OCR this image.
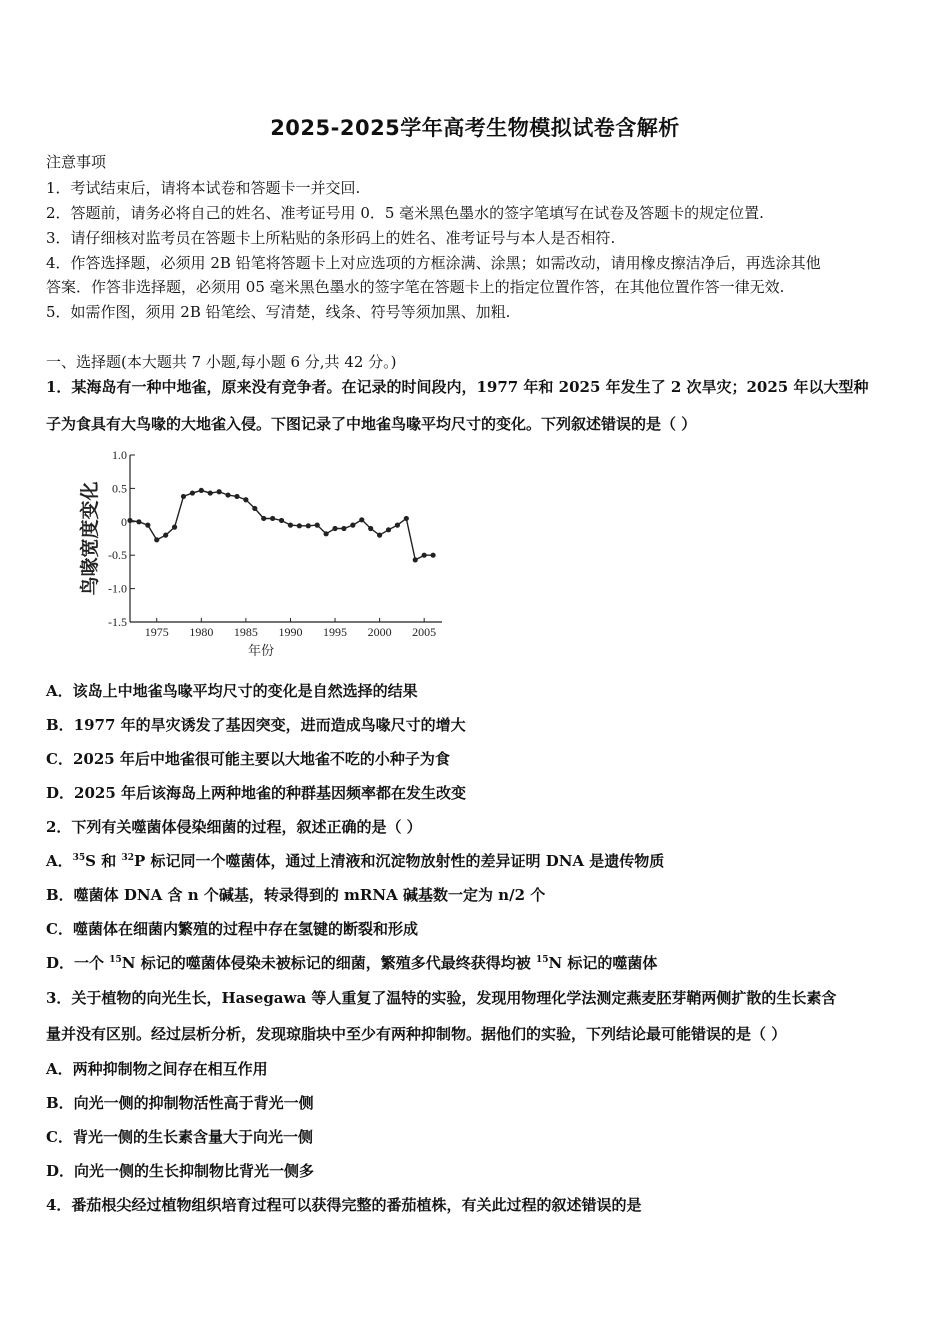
2025-2025学年高考生物模拟试卷含解析
注意事项
1．考试结束后，请将本试卷和答题卡一并交回.
2．答题前，请务必将自己的姓名、准考证号用 0．5 毫米黑色墨水的签字笔填写在试卷及答题卡的规定位置.
3．请仔细核对监考员在答题卡上所粘贴的条形码上的姓名、准考证号与本人是否相符.
4．作答选择题，必须用 2B 铅笔将答题卡上对应选项的方框涂满、涂黑；如需改动，请用橡皮擦洁净后，再选涂其他
答案．作答非选择题，必须用 05 毫米黑色墨水的签字笔在答题卡上的指定位置作答，在其他位置作答一律无效.
5．如需作图，须用 2B 铅笔绘、写清楚，线条、符号等须加黑、加粗.
一、选择题(本大题共 7 小题,每小题 6 分,共 42 分。)
1．某海岛有一种中地雀，原来没有竞争者。在记录的时间段内，1977 年和 2025 年发生了 2 次旱灾；2025 年以大型种
子为食具有大鸟喙的大地雀入侵。下图记录了中地雀鸟喙平均尺寸的变化。下列叙述错误的是（ ）
1.0
0.5
0
-0.5
-1.0
-1.5
1975 1980 1985 1990 1995 2000 2005
鸟喙宽度变化
年份
A．该岛上中地雀鸟喙平均尺寸的变化是自然选择的结果
B．1977 年的旱灾诱发了基因突变，进而造成鸟喙尺寸的增大
C．2025 年后中地雀很可能主要以大地雀不吃的小种子为食
D．2025 年后该海岛上两种地雀的种群基因频率都在发生改变
2．下列有关噬菌体侵染细菌的过程，叙述正确的是（ ）
A．$^{35}$S 和 $^{32}$P 标记同一个噬菌体，通过上清液和沉淀物放射性的差异证明 DNA 是遗传物质
B．噬菌体 DNA 含 n 个碱基，转录得到的 mRNA 碱基数一定为 n/2 个
C．噬菌体在细菌内繁殖的过程中存在氢键的断裂和形成
D．一个 $^{15}$N 标记的噬菌体侵染未被标记的细菌，繁殖多代最终获得均被 $^{15}$N 标记的噬菌体
3．关于植物的向光生长，Hasegawa 等人重复了温特的实验，发现用物理化学法测定燕麦胚芽鞘两侧扩散的生长素含
量并没有区别。经过层析分析，发现琼脂块中至少有两种抑制物。据他们的实验，下列结论最可能错误的是（ ）
A．两种抑制物之间存在相互作用
B．向光一侧的抑制物活性高于背光一侧
C．背光一侧的生长素含量大于向光一侧
D．向光一侧的生长抑制物比背光一侧多
4．番茄根尖经过植物组织培育过程可以获得完整的番茄植株，有关此过程的叙述错误的是
